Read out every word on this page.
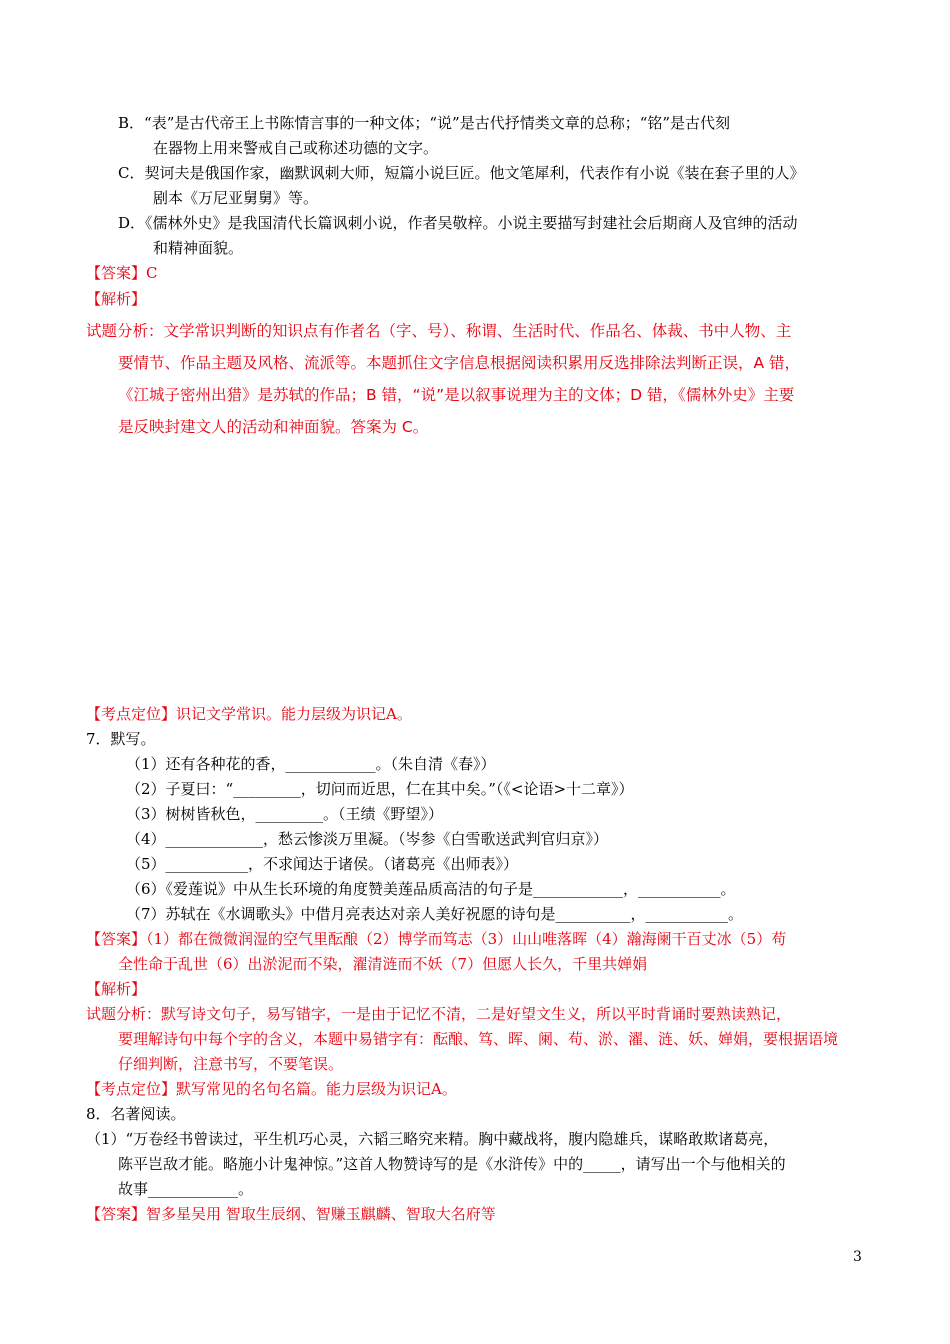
B．“表”是古代帝王上书陈情言事的一种文体；“说”是古代抒情类文章的总称；“铭”是古代刻
在器物上用来警戒自己或称述功德的文字。
C．契诃夫是俄国作家，幽默讽刺大师，短篇小说巨匠。他文笔犀利，代表作有小说《装在套子里的人》
剧本《万尼亚舅舅》等。
D．《儒林外史》是我国清代长篇讽刺小说，作者吴敬梓。小说主要描写封建社会后期商人及官绅的活动
和精神面貌。
【答案】C
【解析】
试题分析：文学常识判断的知识点有作者名（字、号）、称谓、生活时代、作品名、体裁、书中人物、主
要情节、作品主题及风格、流派等。本题抓住文字信息根据阅读积累用反选排除法判断正误，A 错，
《江城子密州出猎》是苏轼的作品；B 错，“说”是以叙事说理为主的文体；D 错，《儒林外史》主要
是反映封建文人的活动和神面貌。答案为 C。
【考点定位】识记文学常识。能力层级为识记A。
7．默写。
（1）还有各种花的香，____________。（朱自清《春》）
（2）子夏曰：“_________，切问而近思，仁在其中矣。”（《<论语>十二章》）
（3）树树皆秋色，_________。（王绩《野望》）
（4）_____________，愁云惨淡万里凝。（岑参《白雪歌送武判官归京》）
（5）___________，不求闻达于诸侯。（诸葛亮《出师表》）
（6）《爱莲说》中从生长环境的角度赞美莲品质高洁的句子是____________，___________。
（7）苏轼在《水调歌头》中借月亮表达对亲人美好祝愿的诗句是__________，___________。
【答案】（1）都在微微润湿的空气里酝酿（2）博学而笃志（3）山山唯落晖（4）瀚海阑干百丈冰（5）苟
全性命于乱世（6）出淤泥而不染，濯清涟而不妖（7）但愿人长久，千里共婵娟
【解析】
试题分析：默写诗文句子，易写错字，一是由于记忆不清，二是好望文生义，所以平时背诵时要熟读熟记，
要理解诗句中每个字的含义，本题中易错字有：酝酿、笃、晖、阑、苟、淤、濯、涟、妖、婵娟，要根据语境
仔细判断，注意书写，不要笔误。
【考点定位】默写常见的名句名篇。能力层级为识记A。
8．名著阅读。
（1）“万卷经书曾读过，平生机巧心灵，六韬三略究来精。胸中藏战将，腹内隐雄兵，谋略敢欺诸葛亮，
陈平岂敌才能。略施小计鬼神惊。”这首人物赞诗写的是《水浒传》中的_____，请写出一个与他相关的
故事____________。
【答案】智多星吴用 智取生辰纲、智赚玉麒麟、智取大名府等
3
